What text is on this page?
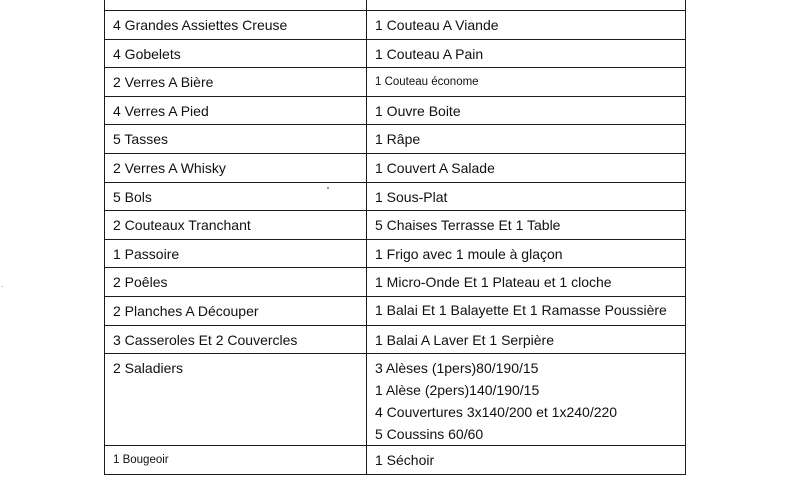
4 Grandes Assiettes Creuse	1 Couteau A Viande
4 Gobelets	1 Couteau A Pain
2 Verres A Bière	1 Couteau économe
4 Verres A Pied	1 Ouvre Boite
5 Tasses	1 Râpe
2 Verres A Whisky	1 Couvert A Salade
5 Bols	1 Sous-Plat
2 Couteaux Tranchant	5 Chaises Terrasse Et 1 Table
1 Passoire	1 Frigo avec 1 moule à glaçon
2 Poêles	1 Micro-Onde Et 1 Plateau et 1 cloche
2 Planches A Découper	1 Balai Et 1 Balayette Et 1 Ramasse Poussière
3 Casseroles Et 2 Couvercles	1 Balai A Laver Et 1 Serpière
2 Saladiers	3 Alèses (1pers)80/190/15
1 Alèse (2pers)140/190/15
4 Couvertures 3x140/200 et 1x240/220
5 Coussins 60/60

1 Bougeoir	1 Séchoir
